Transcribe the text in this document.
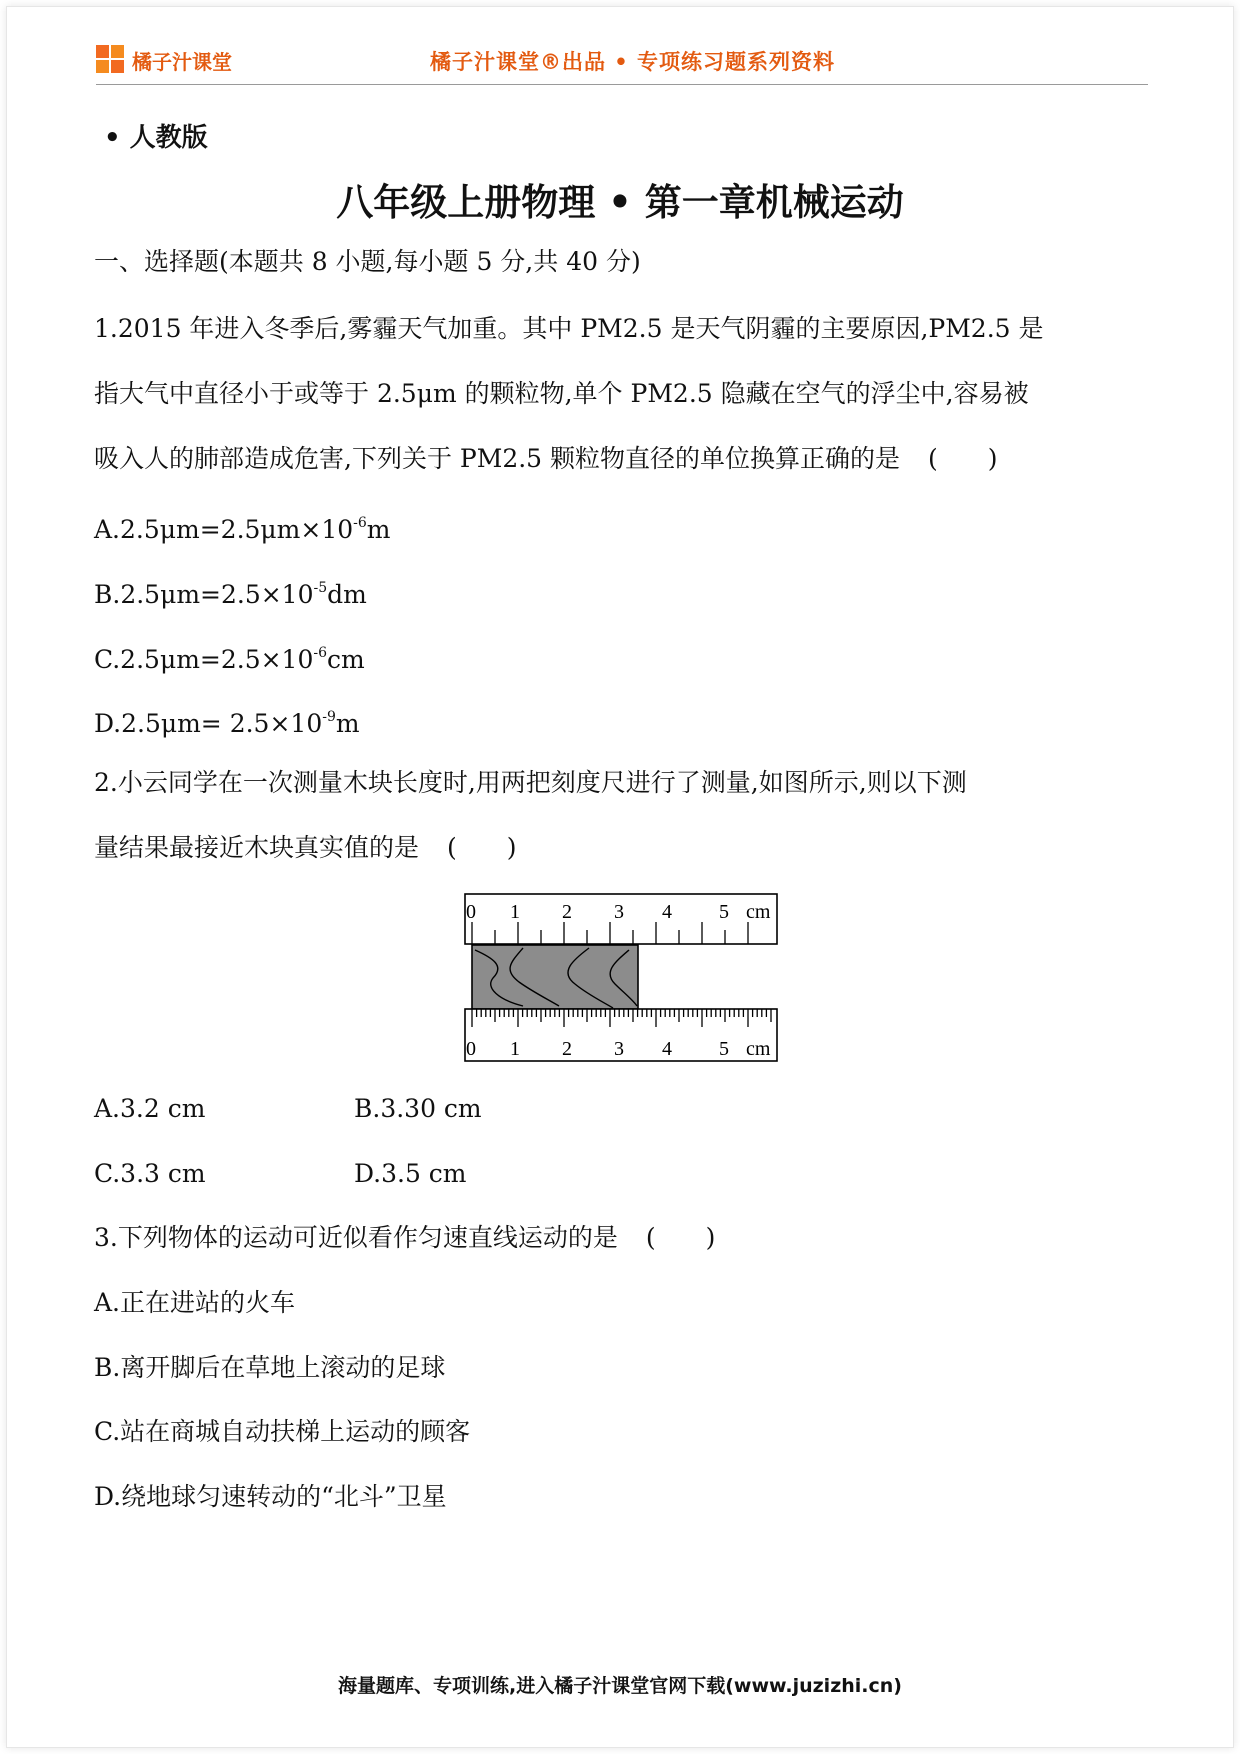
橘子汁课堂	橘子汁课堂®出品 • 专项练习题系列资料
• 人教版
八年级上册物理 • 第一章机械运动
一、选择题(本题共 8 小题,每小题 5 分,共 40 分)
1.2015 年进入冬季后,雾霾天气加重。其中 PM2.5 是天气阴霾的主要原因,PM2.5 是
指大气中直径小于或等于 2.5μm 的颗粒物,单个 PM2.5 隐藏在空气的浮尘中,容易被
吸入人的肺部造成危害,下列关于 PM2.5 颗粒物直径的单位换算正确的是 (　　)
$A.2.5\mu m=2.5\mu m\times 10^{-6}m$
$B.2.5\mu m=2.5\times 10^{-5}dm$
$C.2.5\mu m=2.5\times 10^{-6}cm$
$D.2.5\mu m= 2.5\times 10^{-9}m$
2.小云同学在一次测量木块长度时,用两把刻度尺进行了测量,如图所示,则以下测
量结果最接近木块真实值的是 (　　)
0 1 2 3 4 5 cm
0 1 2 3 4 5 cm
A.3.2 cm	B.3.30 cm
C.3.3 cm	D.3.5 cm
3.下列物体的运动可近似看作匀速直线运动的是 (　　)
A.正在进站的火车
B.离开脚后在草地上滚动的足球
C.站在商城自动扶梯上运动的顾客
D.绕地球匀速转动的“北斗”卫星
海量题库、专项训练,进入橘子汁课堂官网下载(www.juzizhi.cn)
